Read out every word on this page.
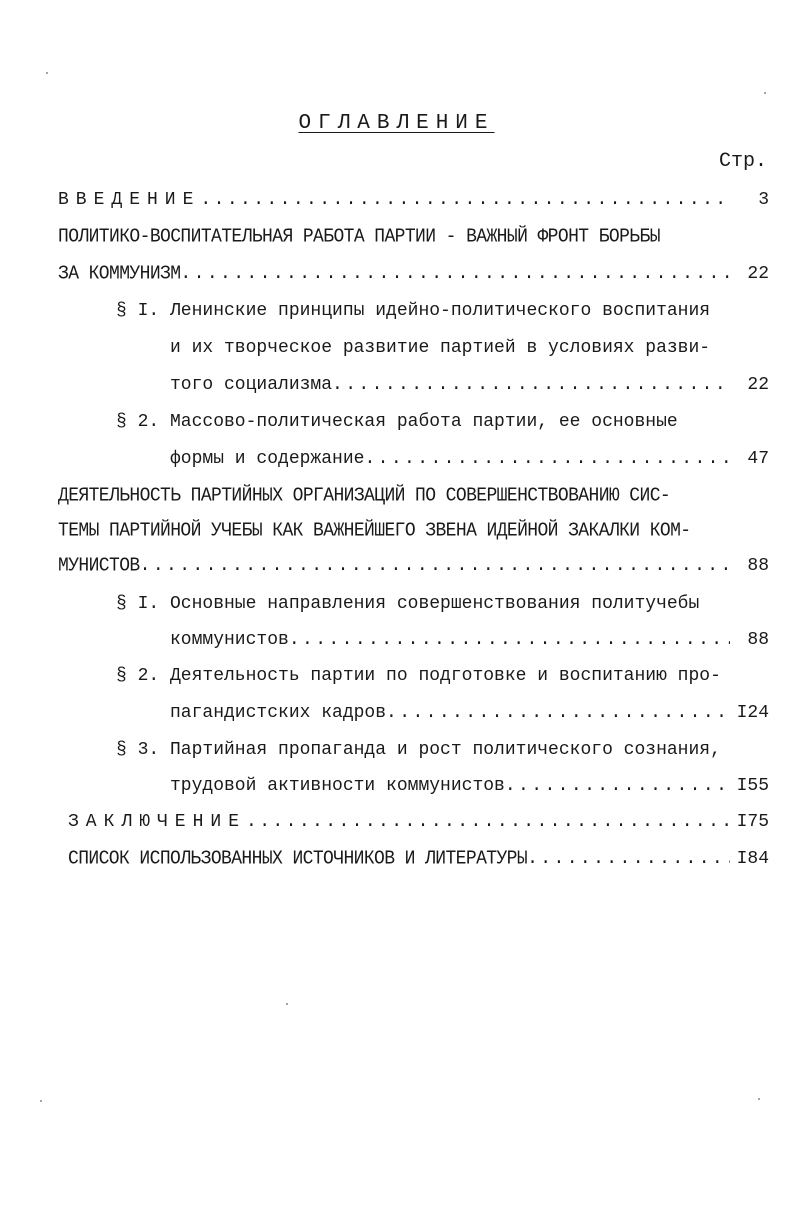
ОГЛАВЛЕНИЕ
Стр.
ВВЕДЕНИЕ .....	3
ПОЛИТИКО-ВОСПИТАТЕЛЬНАЯ РАБОТА ПАРТИИ - ВАЖНЫЙ ФРОНТ БОРЬБЫ
ЗА КОММУНИЗМ .....	22
§ I. Ленинские принципы идейно-политического воспитания
и их творческое развитие партией в условиях разви-
того социализма .....	22
§ 2. Массово-политическая работа партии, ее основные
формы и содержание .....	47
ДЕЯТЕЛЬНОСТЬ ПАРТИЙНЫХ ОРГАНИЗАЦИЙ ПО СОВЕРШЕНСТВОВАНИЮ СИС-
ТЕМЫ ПАРТИЙНОЙ УЧЕБЫ КАК ВАЖНЕЙШЕГО ЗВЕНА ИДЕЙНОЙ ЗАКАЛКИ КОМ-
МУНИСТОВ .....	88
§ I. Основные направления совершенствования политучебы
коммунистов .....	88
§ 2. Деятельность партии по подготовке и воспитанию про-
пагандистских кадров .....	I24
§ 3. Партийная пропаганда и рост политического сознания,
трудовой активности коммунистов .....	I55
ЗАКЛЮЧЕНИЕ .....	I75
СПИСОК ИСПОЛЬЗОВАННЫХ ИСТОЧНИКОВ И ЛИТЕРАТУРЫ .....	I84
